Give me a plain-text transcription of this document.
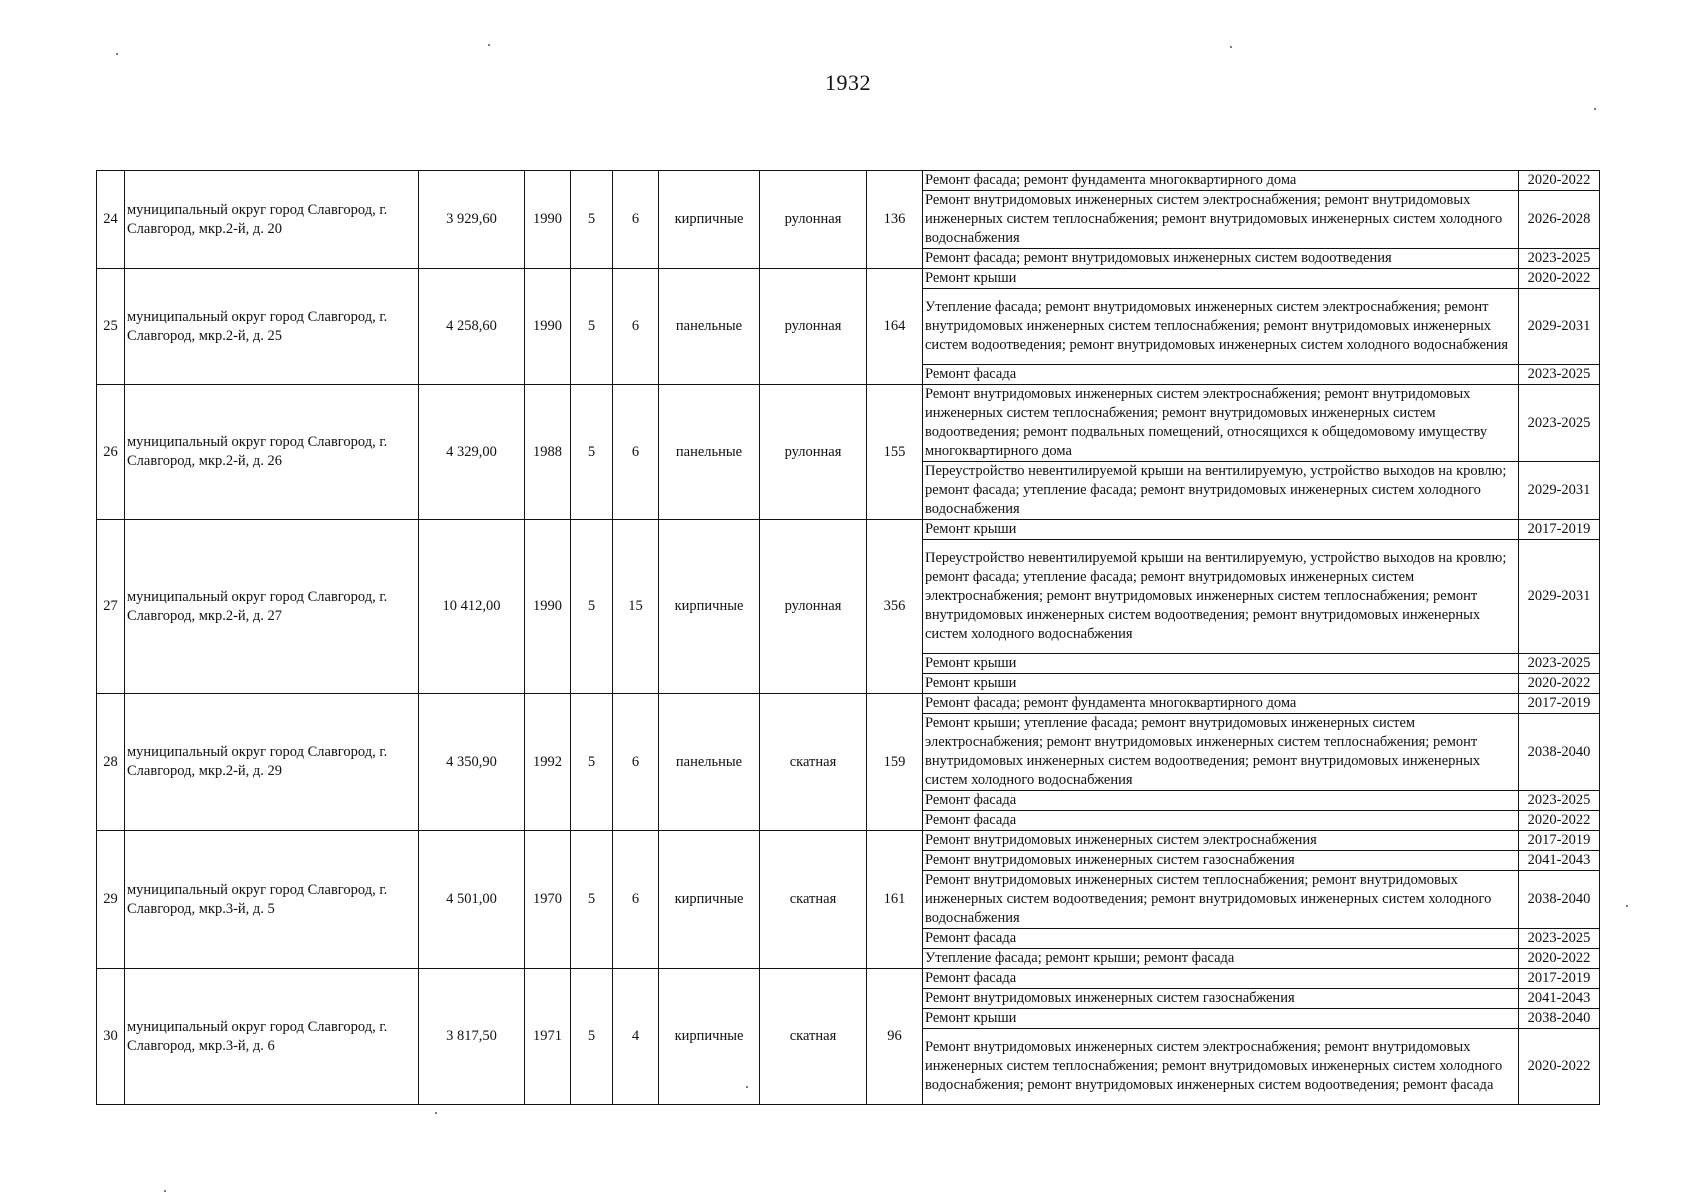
1932
24	муниципальный округ город Славгород, г. Славгород, мкр.2-й, д. 20	3 929,60	1990	5	6	кирпичные	рулонная	136	Ремонт фасада; ремонт фундамента многоквартирного дома	2020-2022
									Ремонт внутридомовых инженерных систем электроснабжения; ремонт внутридомовых инженерных систем теплоснабжения; ремонт внутридомовых инженерных систем холодного водоснабжения	2026-2028
									Ремонт фасада; ремонт внутридомовых инженерных систем водоотведения	2023-2025
25	муниципальный округ город Славгород, г. Славгород, мкр.2-й, д. 25	4 258,60	1990	5	6	панельные	рулонная	164	Ремонт крыши	2020-2022
									Утепление фасада; ремонт внутридомовых инженерных систем электроснабжения; ремонт внутридомовых инженерных систем теплоснабжения; ремонт внутридомовых инженерных систем водоотведения; ремонт внутридомовых инженерных систем холодного водоснабжения	2029-2031
									Ремонт фасада	2023-2025
26	муниципальный округ город Славгород, г. Славгород, мкр.2-й, д. 26	4 329,00	1988	5	6	панельные	рулонная	155	Ремонт внутридомовых инженерных систем электроснабжения; ремонт внутридомовых инженерных систем теплоснабжения; ремонт внутридомовых инженерных систем водоотведения; ремонт подвальных помещений, относящихся к общедомовому имуществу многоквартирного дома	2023-2025
									Переустройство невентилируемой крыши на вентилируемую, устройство выходов на кровлю; ремонт фасада; утепление фасада; ремонт внутридомовых инженерных систем холодного водоснабжения	2029-2031
27	муниципальный округ город Славгород, г. Славгород, мкр.2-й, д. 27	10 412,00	1990	5	15	кирпичные	рулонная	356	Ремонт крыши	2017-2019
									Переустройство невентилируемой крыши на вентилируемую, устройство выходов на кровлю; ремонт фасада; утепление фасада; ремонт внутридомовых инженерных систем электроснабжения; ремонт внутридомовых инженерных систем теплоснабжения; ремонт внутридомовых инженерных систем водоотведения; ремонт внутридомовых инженерных систем холодного водоснабжения	2029-2031
									Ремонт крыши	2023-2025
									Ремонт крыши	2020-2022
28	муниципальный округ город Славгород, г. Славгород, мкр.2-й, д. 29	4 350,90	1992	5	6	панельные	скатная	159	Ремонт фасада; ремонт фундамента многоквартирного дома	2017-2019
									Ремонт крыши; утепление фасада; ремонт внутридомовых инженерных систем электроснабжения; ремонт внутридомовых инженерных систем теплоснабжения; ремонт внутридомовых инженерных систем водоотведения; ремонт внутридомовых инженерных систем холодного водоснабжения	2038-2040
									Ремонт фасада	2023-2025
									Ремонт фасада	2020-2022
29	муниципальный округ город Славгород, г. Славгород, мкр.3-й, д. 5	4 501,00	1970	5	6	кирпичные	скатная	161	Ремонт внутридомовых инженерных систем электроснабжения	2017-2019
									Ремонт внутридомовых инженерных систем газоснабжения	2041-2043
									Ремонт внутридомовых инженерных систем теплоснабжения; ремонт внутридомовых инженерных систем водоотведения; ремонт внутридомовых инженерных систем холодного водоснабжения	2038-2040
									Ремонт фасада	2023-2025
									Утепление фасада; ремонт крыши; ремонт фасада	2020-2022
30	муниципальный округ город Славгород, г. Славгород, мкр.3-й, д. 6	3 817,50	1971	5	4	кирпичные	скатная	96	Ремонт фасада	2017-2019
									Ремонт внутридомовых инженерных систем газоснабжения	2041-2043
									Ремонт крыши	2038-2040
									Ремонт внутридомовых инженерных систем электроснабжения; ремонт внутридомовых инженерных систем теплоснабжения; ремонт внутридомовых инженерных систем холодного водоснабжения; ремонт внутридомовых инженерных систем водоотведения; ремонт фасада	2020-2022
